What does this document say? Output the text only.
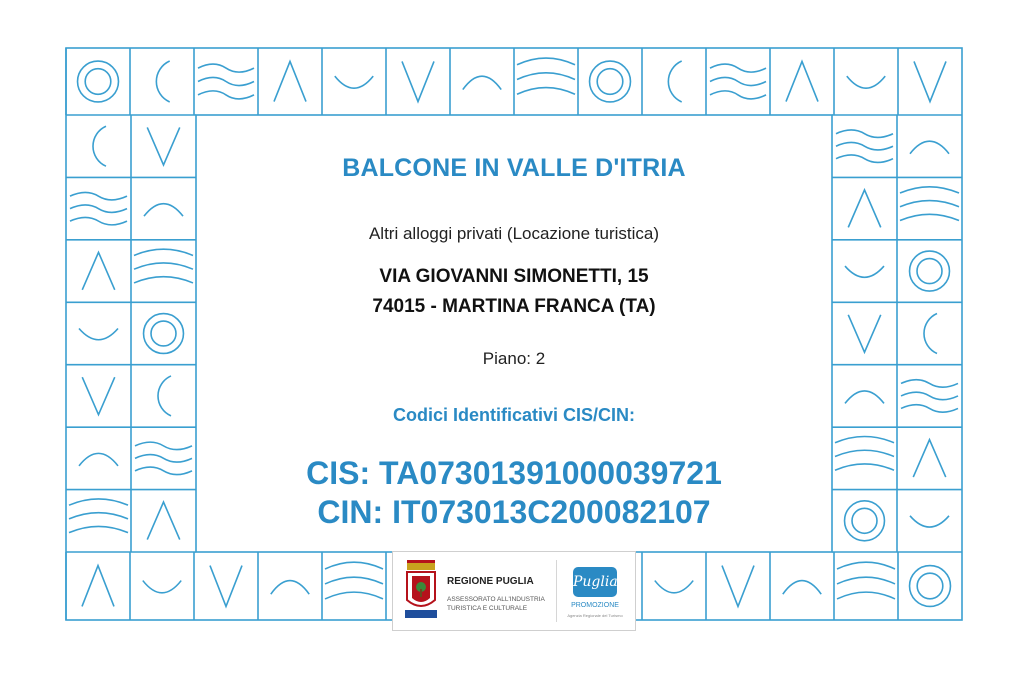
BALCONE IN VALLE D'ITRIA
Altri alloggi privati (Locazione turistica)
VIA GIOVANNI SIMONETTI, 15
74015 - MARTINA FRANCA (TA)
Piano: 2
Codici Identificativi CIS/CIN:
CIS: TA07301391000039721
CIN: IT073013C200082107
REGIONE PUGLIA
ASSESSORATO ALL'INDUSTRIA
TURISTICA E CULTURALE
Puglia
PROMOZIONE
Agenzia Regionale del Turismo
